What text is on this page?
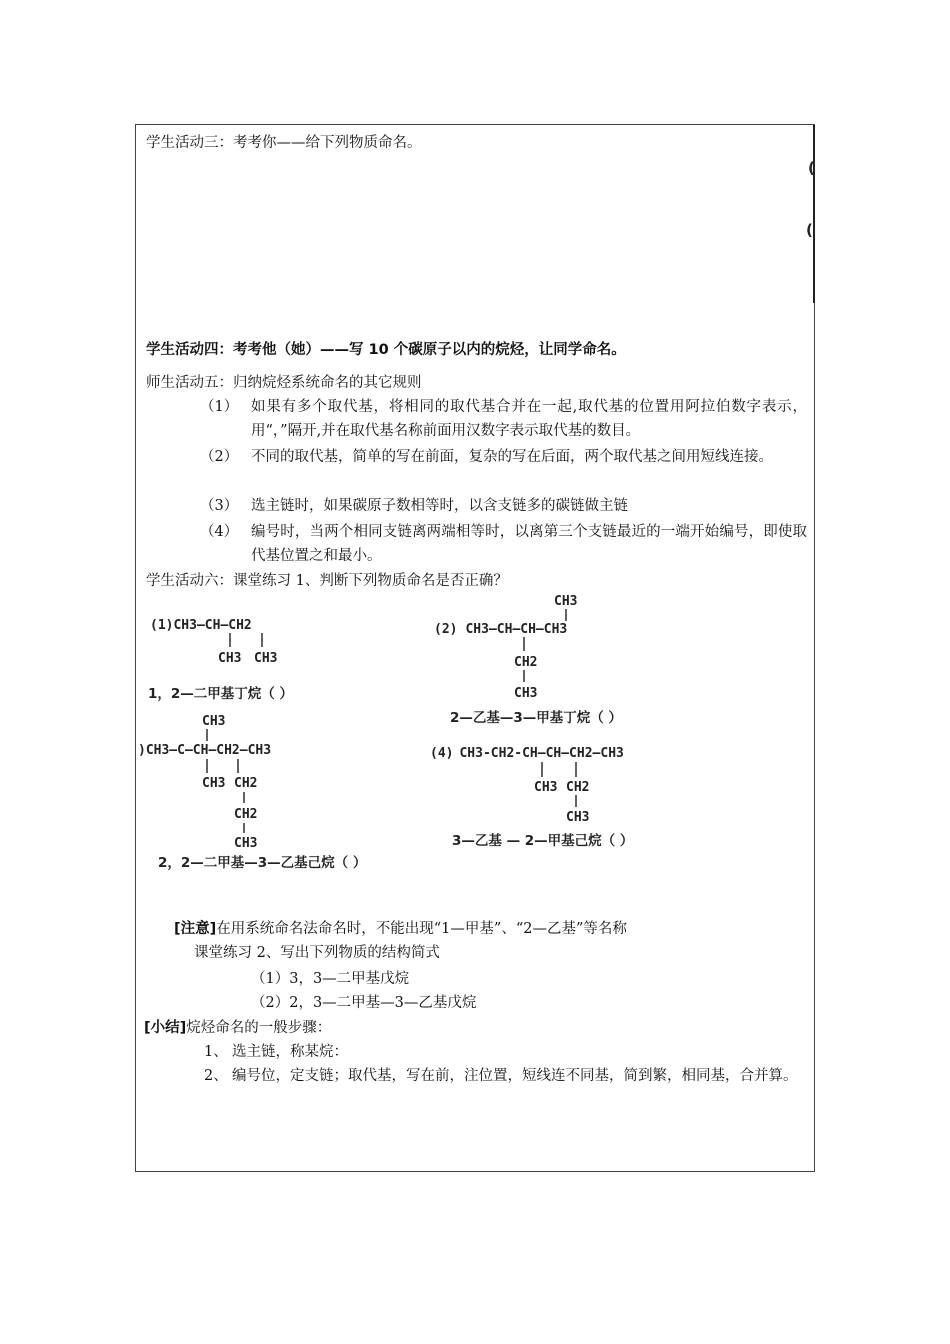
学生活动三：考考你——给下列物质命名。
(
(
学生活动四：考考他（她）——写 10 个碳原子以内的烷烃，让同学命名。
师生活动五：归纳烷烃系统命名的其它规则
（1） 如果有多个取代基，将相同的取代基合并在一起,取代基的位置用阿拉伯数字表示，用“，”隔开,并在取代基名称前面用汉数字表示取代基的数目。
（2） 不同的取代基，简单的写在前面，复杂的写在后面，两个取代基之间用短线连接。
（3） 选主链时，如果碳原子数相等时，以含支链多的碳链做主链
（4） 编号时，当两个相同支链离两端相等时，以离第三个支链最近的一端开始编号，即使取代基位置之和最小。
学生活动六：课堂练习 1、判断下列物质命名是否正确？
(1)CH3—CH—CH2
CH3 CH3
1，2—二甲基丁烷（ ）
CH3
(2) CH3—CH—CH—CH3
CH2
CH3
2—乙基—3—甲基丁烷（ ）
CH3
)CH3—C—CH—CH2—CH3
CH3 CH2
CH2
CH3
2，2—二甲基—3—乙基己烷（ ）
(4) CH3-CH2-CH—CH—CH2—CH3
CH3 CH2
CH3
3—乙基 — 2—甲基己烷（ ）
[注意]在用系统命名法命名时，不能出现“1—甲基”、“2—乙基”等名称
课堂练习 2、写出下列物质的结构简式
（1）3，3—二甲基戊烷
（2）2，3—二甲基—3—乙基戊烷
[小结]烷烃命名的一般步骤：
1、 选主链，称某烷：
2、 编号位，定支链；取代基，写在前，注位置，短线连不同基，简到繁，相同基，合并算。
